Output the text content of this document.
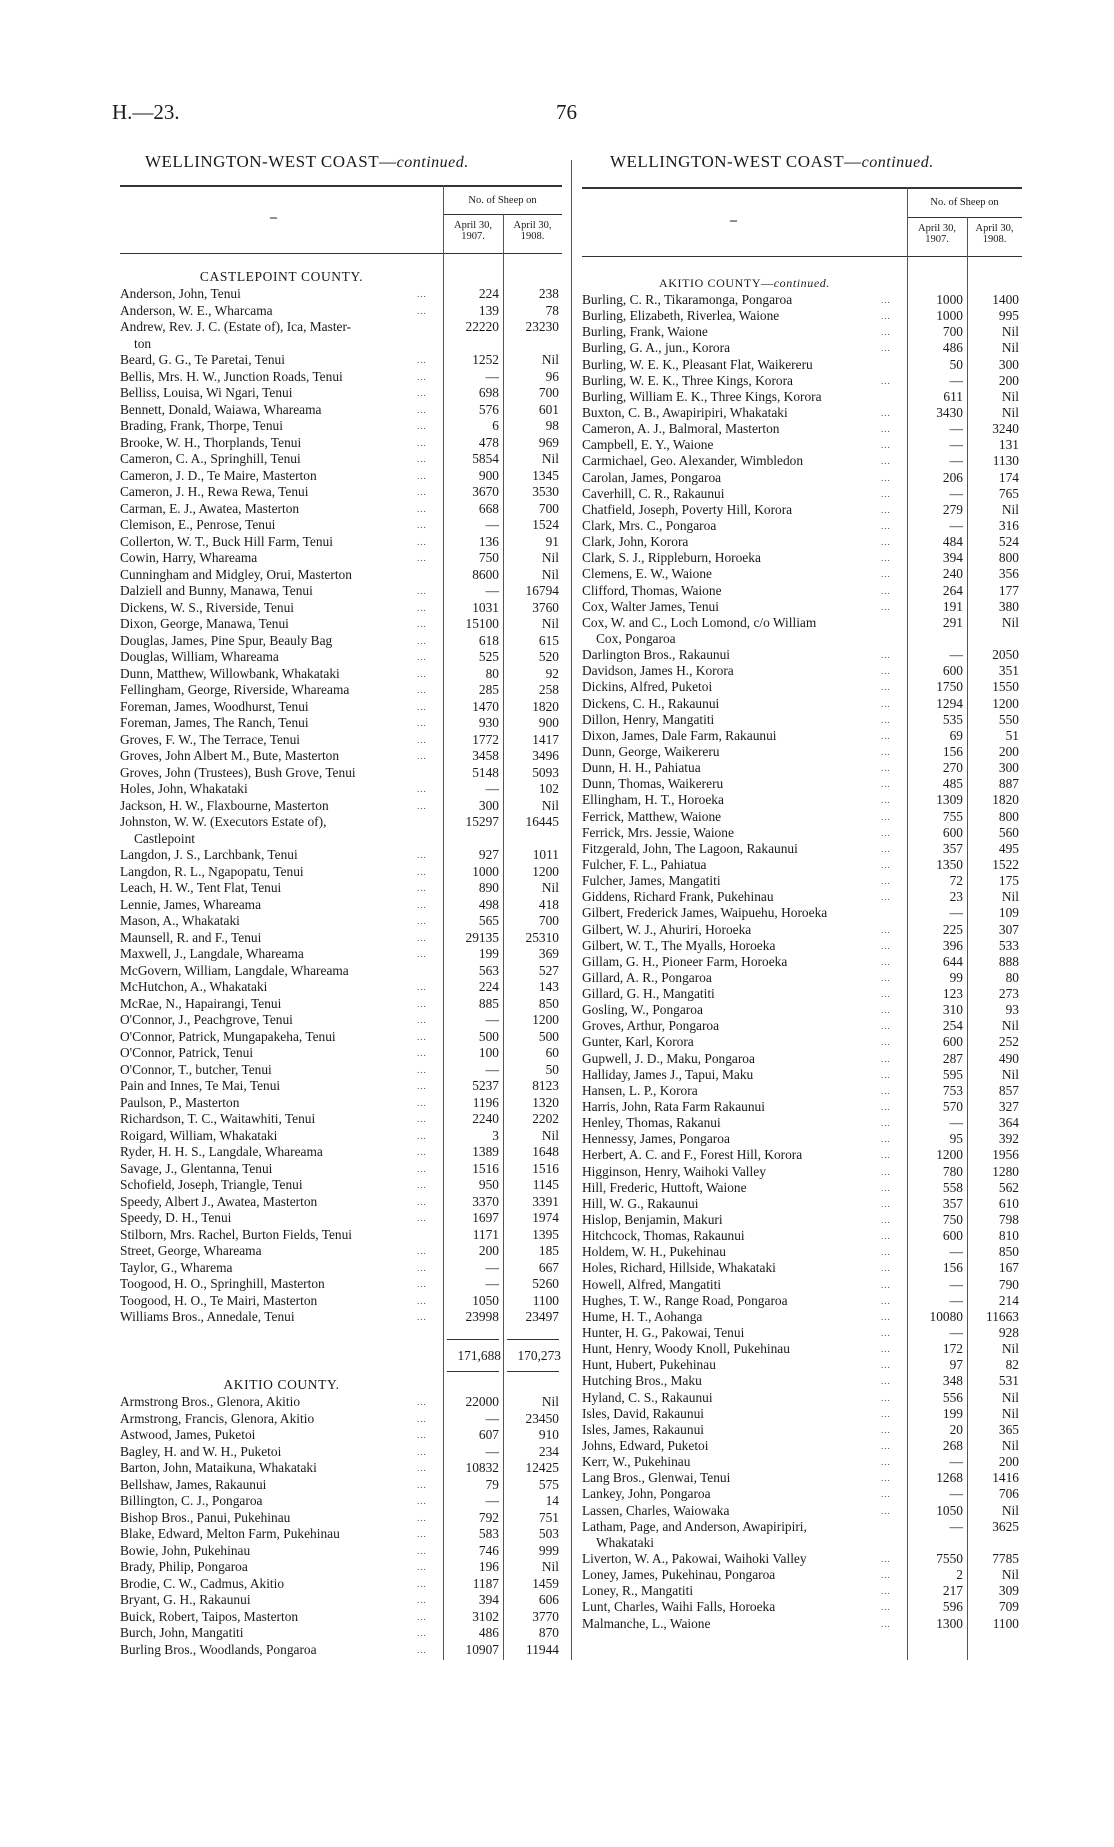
H.—23.	76
WELLINGTON-WEST COAST—continued.	WELLINGTON-WEST COAST—continued.
–
No. of Sheep on
April 30,
1907.
April 30,
1908.
–
No. of Sheep on
April 30,
1907.
April 30,
1908.
CASTLEPOINT COUNTY.
Anderson, John, Tenui	...	224	238
Anderson, W. E., Wharcama	...	139	78
Andrew, Rev. J. C. (Estate of), Ica, Master-
ton
22220	23230
Beard, G. G., Te Paretai, Tenui	...	1252	Nil
Bellis, Mrs. H. W., Junction Roads, Tenui	...	—	96
Belliss, Louisa, Wi Ngari, Tenui	...	698	700
Bennett, Donald, Waiawa, Whareama	...	576	601
Brading, Frank, Thorpe, Tenui	...	6	98
Brooke, W. H., Thorplands, Tenui	...	478	969
Cameron, C. A., Springhill, Tenui	...	5854	Nil
Cameron, J. D., Te Maire, Masterton	...	900	1345
Cameron, J. H., Rewa Rewa, Tenui	...	3670	3530
Carman, E. J., Awatea, Masterton	...	668	700
Clemison, E., Penrose, Tenui	...	—	1524
Collerton, W. T., Buck Hill Farm, Tenui	...	136	91
Cowin, Harry, Whareama	...	750	Nil
Cunningham and Midgley, Orui, Masterton	8600	Nil
Dalziell and Bunny, Manawa, Tenui	...	—	16794
Dickens, W. S., Riverside, Tenui	...	1031	3760
Dixon, George, Manawa, Tenui	...	15100	Nil
Douglas, James, Pine Spur, Beauly Bag	...	618	615
Douglas, William, Whareama	...	525	520
Dunn, Matthew, Willowbank, Whakataki	...	80	92
Fellingham, George, Riverside, Whareama	...	285	258
Foreman, James, Woodhurst, Tenui	...	1470	1820
Foreman, James, The Ranch, Tenui	...	930	900
Groves, F. W., The Terrace, Tenui	...	1772	1417
Groves, John Albert M., Bute, Masterton	...	3458	3496
Groves, John (Trustees), Bush Grove, Tenui	5148	5093
Holes, John, Whakataki	...	—	102
Jackson, H. W., Flaxbourne, Masterton	...	300	Nil
Johnston, W. W. (Executors Estate of),
Castlepoint
15297	16445
Langdon, J. S., Larchbank, Tenui	...	927	1011
Langdon, R. L., Ngapopatu, Tenui	...	1000	1200
Leach, H. W., Tent Flat, Tenui	...	890	Nil
Lennie, James, Whareama	...	498	418
Mason, A., Whakataki	...	565	700
Maunsell, R. and F., Tenui	...	29135	25310
Maxwell, J., Langdale, Whareama	...	199	369
McGovern, William, Langdale, Whareama	563	527
McHutchon, A., Whakataki	...	224	143
McRae, N., Hapairangi, Tenui	...	885	850
O'Connor, J., Peachgrove, Tenui	...	—	1200
O'Connor, Patrick, Mungapakeha, Tenui	...	500	500
O'Connor, Patrick, Tenui	...	100	60
O'Connor, T., butcher, Tenui	...	—	50
Pain and Innes, Te Mai, Tenui	...	5237	8123
Paulson, P., Masterton	...	1196	1320
Richardson, T. C., Waitawhiti, Tenui	...	2240	2202
Roigard, William, Whakataki	...	3	Nil
Ryder, H. H. S., Langdale, Whareama	...	1389	1648
Savage, J., Glentanna, Tenui	...	1516	1516
Schofield, Joseph, Triangle, Tenui	...	950	1145
Speedy, Albert J., Awatea, Masterton	...	3370	3391
Speedy, D. H., Tenui	...	1697	1974
Stilborn, Mrs. Rachel, Burton Fields, Tenui	1171	1395
Street, George, Whareama	...	200	185
Taylor, G., Wharema	...	—	667
Toogood, H. O., Springhill, Masterton	...	—	5260
Toogood, H. O., Te Mairi, Masterton	...	1050	1100
Williams Bros., Annedale, Tenui	...	23998	23497
171,688	170,273
AKITIO COUNTY.
Armstrong Bros., Glenora, Akitio	...	22000	Nil
Armstrong, Francis, Glenora, Akitio	...	—	23450
Astwood, James, Puketoi	...	607	910
Bagley, H. and W. H., Puketoi	...	—	234
Barton, John, Mataikuna, Whakataki	...	10832	12425
Bellshaw, James, Rakaunui	...	79	575
Billington, C. J., Pongaroa	...	—	14
Bishop Bros., Panui, Pukehinau	...	792	751
Blake, Edward, Melton Farm, Pukehinau	...	583	503
Bowie, John, Pukehinau	...	746	999
Brady, Philip, Pongaroa	...	196	Nil
Brodie, C. W., Cadmus, Akitio	...	1187	1459
Bryant, G. H., Rakaunui	...	394	606
Buick, Robert, Taipos, Masterton	...	3102	3770
Burch, John, Mangatiti	...	486	870
Burling Bros., Woodlands, Pongaroa	...	10907	11944
AKITIO COUNTY—continued.
Burling, C. R., Tikaramonga, Pongaroa	...	1000	1400
Burling, Elizabeth, Riverlea, Waione	...	1000	995
Burling, Frank, Waione	...	700	Nil
Burling, G. A., jun., Korora	...	486	Nil
Burling, W. E. K., Pleasant Flat, Waikereru	50	300
Burling, W. E. K., Three Kings, Korora	...	—	200
Burling, William E. K., Three Kings, Korora	611	Nil
Buxton, C. B., Awapiripiri, Whakataki	...	3430	Nil
Cameron, A. J., Balmoral, Masterton	...	—	3240
Campbell, E. Y., Waione	...	—	131
Carmichael, Geo. Alexander, Wimbledon	...	—	1130
Carolan, James, Pongaroa	...	206	174
Caverhill, C. R., Rakaunui	...	—	765
Chatfield, Joseph, Poverty Hill, Korora	...	279	Nil
Clark, Mrs. C., Pongaroa	...	—	316
Clark, John, Korora	...	484	524
Clark, S. J., Rippleburn, Horoeka	...	394	800
Clemens, E. W., Waione	...	240	356
Clifford, Thomas, Waione	...	264	177
Cox, Walter James, Tenui	...	191	380
Cox, W. and C., Loch Lomond, c/o William
Cox, Pongaroa
291	Nil
Darlington Bros., Rakaunui	...	—	2050
Davidson, James H., Korora	...	600	351
Dickins, Alfred, Puketoi	...	1750	1550
Dickens, C. H., Rakaunui	...	1294	1200
Dillon, Henry, Mangatiti	...	535	550
Dixon, James, Dale Farm, Rakaunui	...	69	51
Dunn, George, Waikereru	...	156	200
Dunn, H. H., Pahiatua	...	270	300
Dunn, Thomas, Waikereru	...	485	887
Ellingham, H. T., Horoeka	...	1309	1820
Ferrick, Matthew, Waione	...	755	800
Ferrick, Mrs. Jessie, Waione	...	600	560
Fitzgerald, John, The Lagoon, Rakaunui	...	357	495
Fulcher, F. L., Pahiatua	...	1350	1522
Fulcher, James, Mangatiti	...	72	175
Giddens, Richard Frank, Pukehinau	...	23	Nil
Gilbert, Frederick James, Waipuehu, Horoeka	—	109
Gilbert, W. J., Ahuriri, Horoeka	...	225	307
Gilbert, W. T., The Myalls, Horoeka	...	396	533
Gillam, G. H., Pioneer Farm, Horoeka	...	644	888
Gillard, A. R., Pongaroa	...	99	80
Gillard, G. H., Mangatiti	...	123	273
Gosling, W., Pongaroa	...	310	93
Groves, Arthur, Pongaroa	...	254	Nil
Gunter, Karl, Korora	...	600	252
Gupwell, J. D., Maku, Pongaroa	...	287	490
Halliday, James J., Tapui, Maku	...	595	Nil
Hansen, L. P., Korora	...	753	857
Harris, John, Rata Farm Rakaunui	...	570	327
Henley, Thomas, Rakanui	...	—	364
Hennessy, James, Pongaroa	...	95	392
Herbert, A. C. and F., Forest Hill, Korora	...	1200	1956
Higginson, Henry, Waihoki Valley	...	780	1280
Hill, Frederic, Huttoft, Waione	...	558	562
Hill, W. G., Rakaunui	...	357	610
Hislop, Benjamin, Makuri	...	750	798
Hitchcock, Thomas, Rakaunui	...	600	810
Holdem, W. H., Pukehinau	...	—	850
Holes, Richard, Hillside, Whakataki	...	156	167
Howell, Alfred, Mangatiti	...	—	790
Hughes, T. W., Range Road, Pongaroa	...	—	214
Hume, H. T., Aohanga	...	10080	11663
Hunter, H. G., Pakowai, Tenui	...	—	928
Hunt, Henry, Woody Knoll, Pukehinau	...	172	Nil
Hunt, Hubert, Pukehinau	...	97	82
Hutching Bros., Maku	...	348	531
Hyland, C. S., Rakaunui	...	556	Nil
Isles, David, Rakaunui	...	199	Nil
Isles, James, Rakaunui	...	20	365
Johns, Edward, Puketoi	...	268	Nil
Kerr, W., Pukehinau	...	—	200
Lang Bros., Glenwai, Tenui	...	1268	1416
Lankey, John, Pongaroa	...	—	706
Lassen, Charles, Waiowaka	...	1050	Nil
Latham, Page, and Anderson, Awapiripiri,
Whakataki
—	3625
Liverton, W. A., Pakowai, Waihoki Valley	...	7550	7785
Loney, James, Pukehinau, Pongaroa	...	2	Nil
Loney, R., Mangatiti	...	217	309
Lunt, Charles, Waihi Falls, Horoeka	...	596	709
Malmanche, L., Waione	...	1300	1100
